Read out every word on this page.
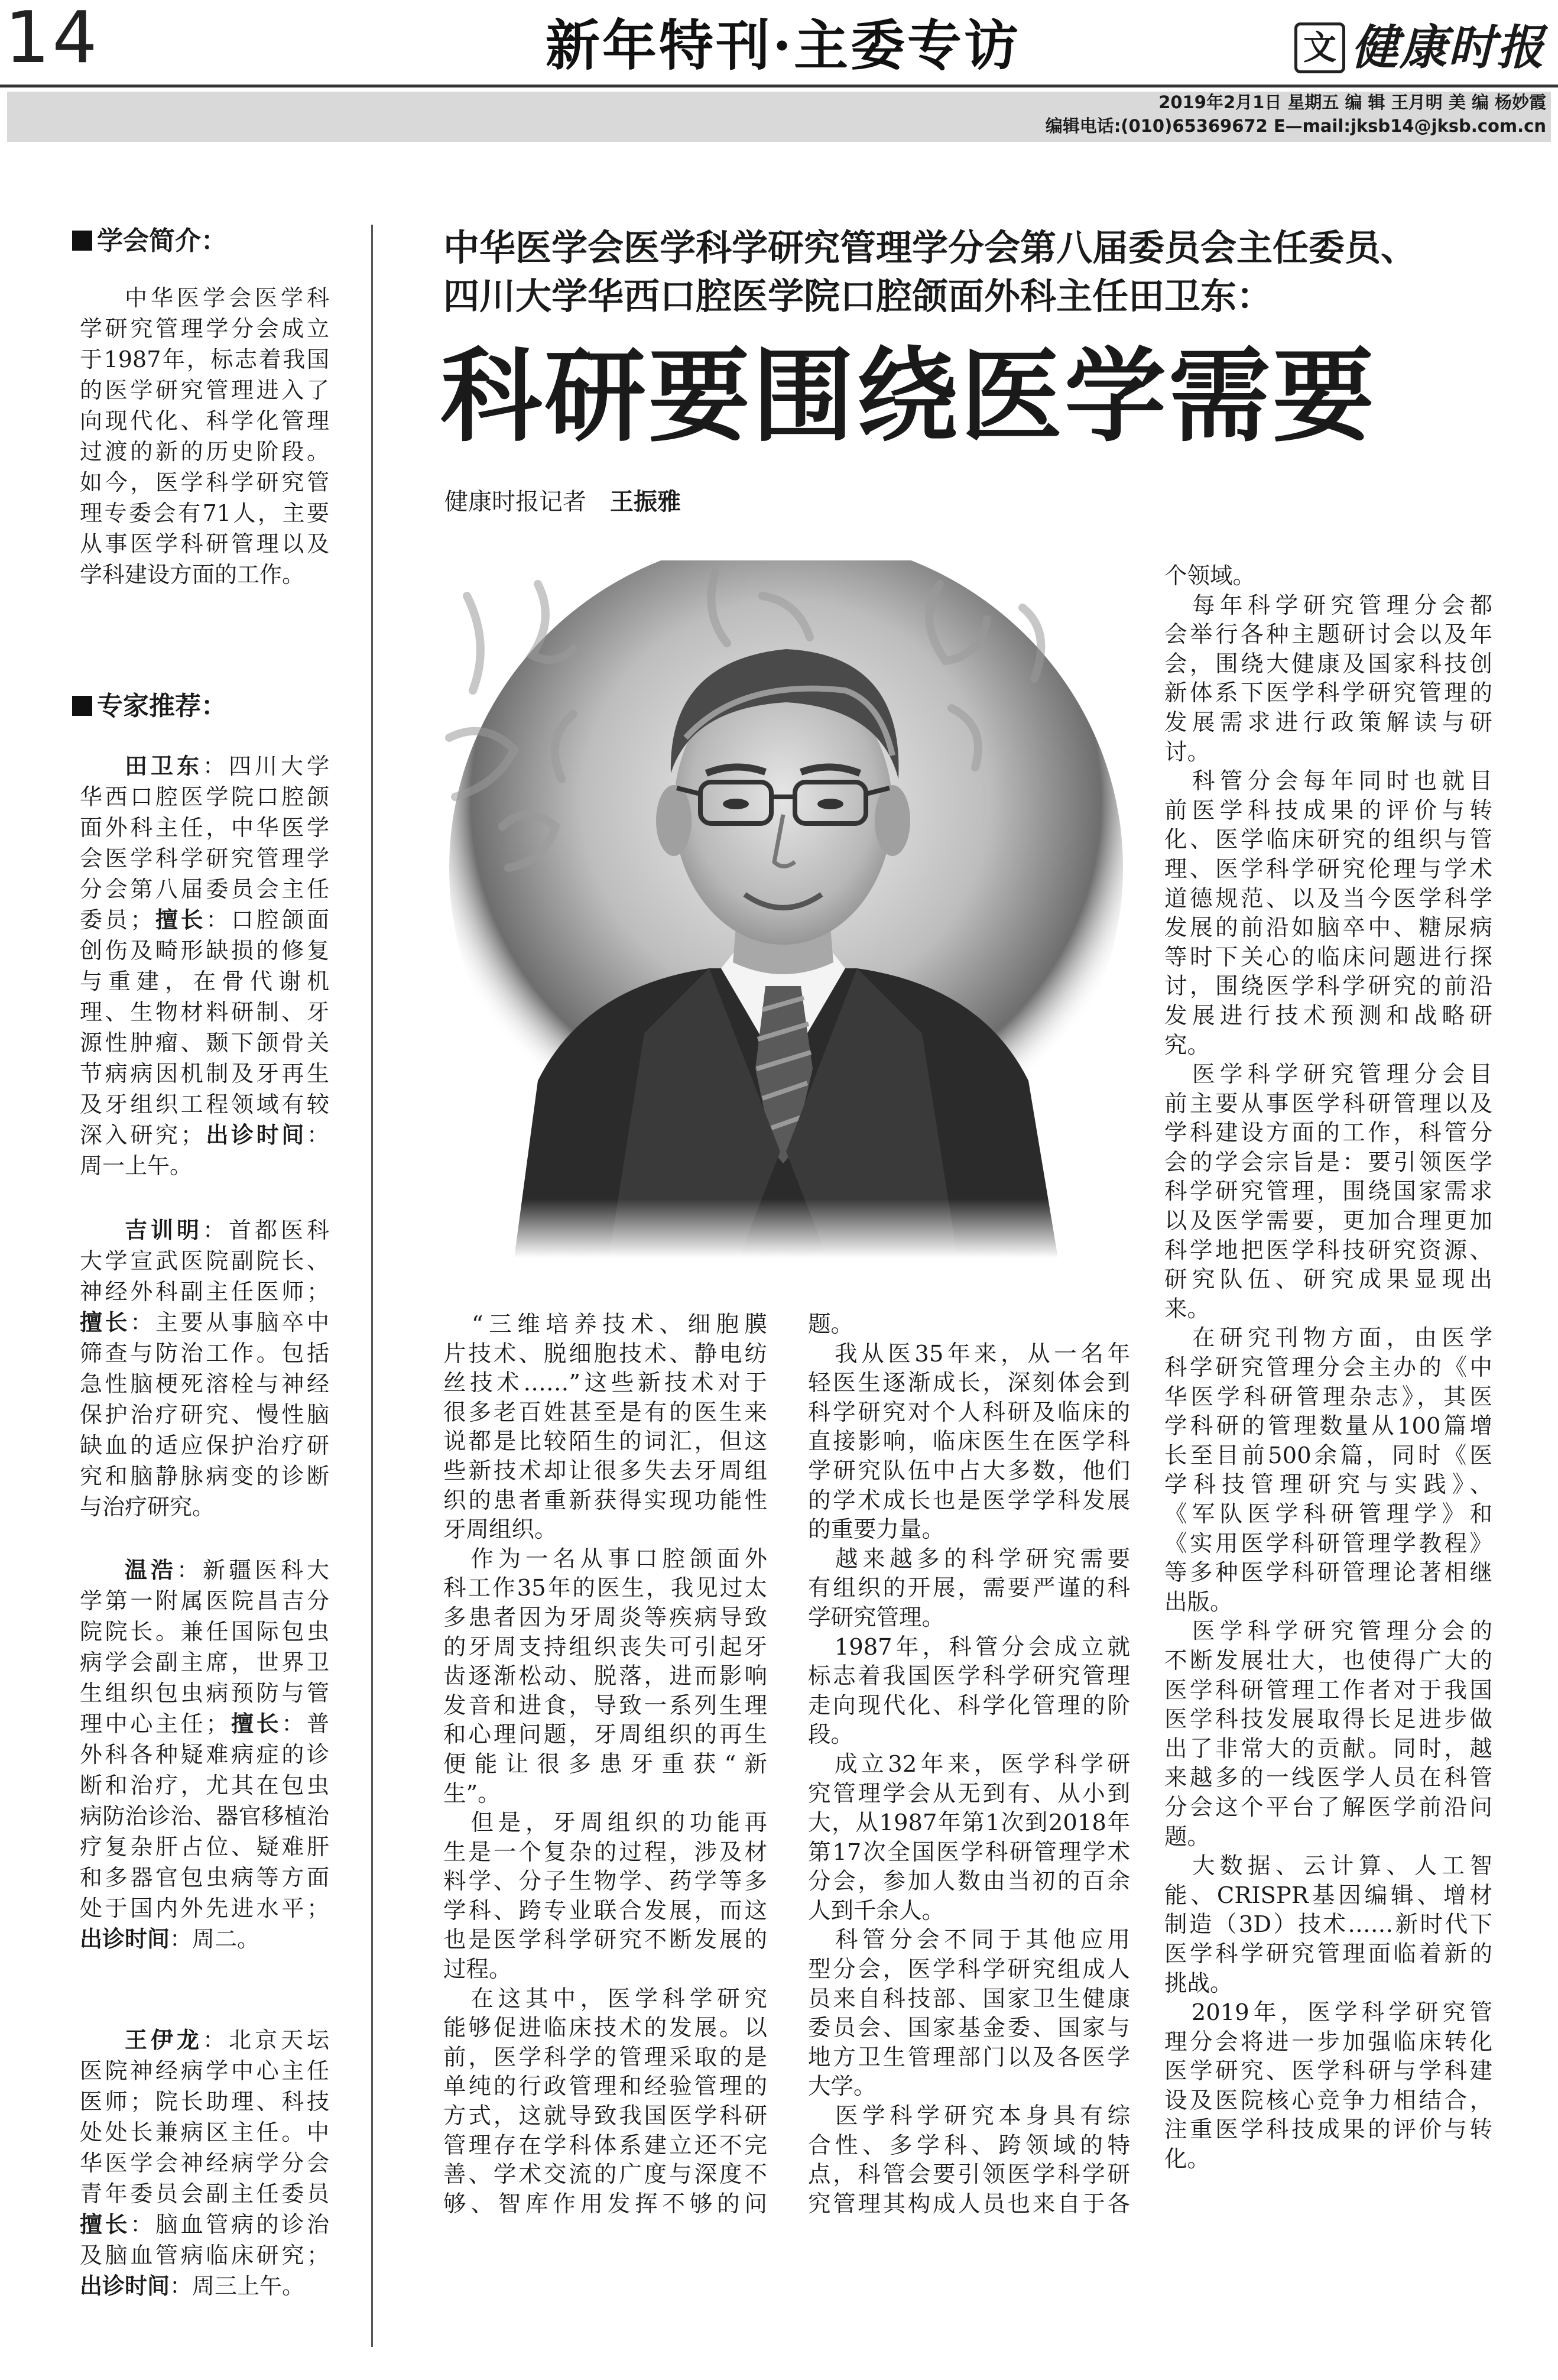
14	新年特刊·主委专访	文 健康时报
2019年2月1日 星期五 编 辑 王月明 美 编 杨妙霞
编辑电话:(010)65369672 E—mail:jksb14@jksb.com.cn
学会简介：
中华医学会医学科
学研究管理学分会成立
于1987年，标志着我国
的医学研究管理进入了
向现代化、科学化管理
过渡的新的历史阶段。
如今，医学科学研究管
理专委会有71人，主要
从事医学科研管理以及
学科建设方面的工作。
专家推荐：
田卫东：四川大学
华西口腔医学院口腔颌
面外科主任，中华医学
会医学科学研究管理学
分会第八届委员会主任
委员；擅长：口腔颌面
创伤及畸形缺损的修复
与重建，在骨代谢机
理、生物材料研制、牙
源性肿瘤、颞下颌骨关
节病病因机制及牙再生
及牙组织工程领域有较
深入研究；出诊时间：
周一上午。
吉训明：首都医科
大学宣武医院副院长、
神经外科副主任医师；
擅长：主要从事脑卒中
筛查与防治工作。包括
急性脑梗死溶栓与神经
保护治疗研究、慢性脑
缺血的适应保护治疗研
究和脑静脉病变的诊断
与治疗研究。
温浩：新疆医科大
学第一附属医院昌吉分
院院长。兼任国际包虫
病学会副主席，世界卫
生组织包虫病预防与管
理中心主任；擅长：普
外科各种疑难病症的诊
断和治疗，尤其在包虫
病防治诊治、器官移植治
疗复杂肝占位、疑难肝
和多器官包虫病等方面
处于国内外先进水平；
出诊时间：周二。
王伊龙：北京天坛
医院神经病学中心主任
医师；院长助理、科技
处处长兼病区主任。中
华医学会神经病学分会
青年委员会副主任委员
擅长：脑血管病的诊治
及脑血管病临床研究；
出诊时间：周三上午。
中华医学会医学科学研究管理学分会第八届委员会主任委员、
四川大学华西口腔医学院口腔颌面外科主任田卫东：
科研要围绕医学需要
健康时报记者 王振雅
　“三维培养技术、细胞膜
片技术、脱细胞技术、静电纺
丝技术……”这些新技术对于
很多老百姓甚至是有的医生来
说都是比较陌生的词汇，但这
些新技术却让很多失去牙周组
织的患者重新获得实现功能性
牙周组织。
　作为一名从事口腔颌面外
科工作35年的医生，我见过太
多患者因为牙周炎等疾病导致
的牙周支持组织丧失可引起牙
齿逐渐松动、脱落，进而影响
发音和进食，导致一系列生理
和心理问题，牙周组织的再生
便能让很多患牙重获“新
生”。
　但是，牙周组织的功能再
生是一个复杂的过程，涉及材
料学、分子生物学、药学等多
学科、跨专业联合发展，而这
也是医学科学研究不断发展的
过程。
　在这其中，医学科学研究
能够促进临床技术的发展。以
前，医学科学的管理采取的是
单纯的行政管理和经验管理的
方式，这就导致我国医学科研
管理存在学科体系建立还不完
善、学术交流的广度与深度不
够、智库作用发挥不够的问
题。
　我从医35年来，从一名年
轻医生逐渐成长，深刻体会到
科学研究对个人科研及临床的
直接影响，临床医生在医学科
学研究队伍中占大多数，他们
的学术成长也是医学学科发展
的重要力量。
　越来越多的科学研究需要
有组织的开展，需要严谨的科
学研究管理。
　1987年，科管分会成立就
标志着我国医学科学研究管理
走向现代化、科学化管理的阶
段。
　成立32年来，医学科学研
究管理学会从无到有、从小到
大，从1987年第1次到2018年
第17次全国医学科研管理学术
分会，参加人数由当初的百余
人到千余人。
　科管分会不同于其他应用
型分会，医学科学研究组成人
员来自科技部、国家卫生健康
委员会、国家基金委、国家与
地方卫生管理部门以及各医学
大学。
　医学科学研究本身具有综
合性、多学科、跨领域的特
点，科管会要引领医学科学研
究管理其构成人员也来自于各
个领域。
　每年科学研究管理分会都
会举行各种主题研讨会以及年
会，围绕大健康及国家科技创
新体系下医学科学研究管理的
发展需求进行政策解读与研
讨。
　科管分会每年同时也就目
前医学科技成果的评价与转
化、医学临床研究的组织与管
理、医学科学研究伦理与学术
道德规范、以及当今医学科学
发展的前沿如脑卒中、糖尿病
等时下关心的临床问题进行探
讨，围绕医学科学研究的前沿
发展进行技术预测和战略研
究。
　医学科学研究管理分会目
前主要从事医学科研管理以及
学科建设方面的工作，科管分
会的学会宗旨是：要引领医学
科学研究管理，围绕国家需求
以及医学需要，更加合理更加
科学地把医学科技研究资源、
研究队伍、研究成果显现出
来。
　在研究刊物方面，由医学
科学研究管理分会主办的《中
华医学科研管理杂志》，其医
学科研的管理数量从100篇增
长至目前500余篇，同时《医
学科技管理研究与实践》、
《军队医学科研管理学》和
《实用医学科研管理学教程》
等多种医学科研管理论著相继
出版。
　医学科学研究管理分会的
不断发展壮大，也使得广大的
医学科研管理工作者对于我国
医学科技发展取得长足进步做
出了非常大的贡献。同时，越
来越多的一线医学人员在科管
分会这个平台了解医学前沿问
题。
　大数据、云计算、人工智
能、CRISPR基因编辑、增材
制造（3D）技术……新时代下
医学科学研究管理面临着新的
挑战。
　2019年，医学科学研究管
理分会将进一步加强临床转化
医学研究、医学科研与学科建
设及医院核心竞争力相结合，
注重医学科技成果的评价与转
化。
